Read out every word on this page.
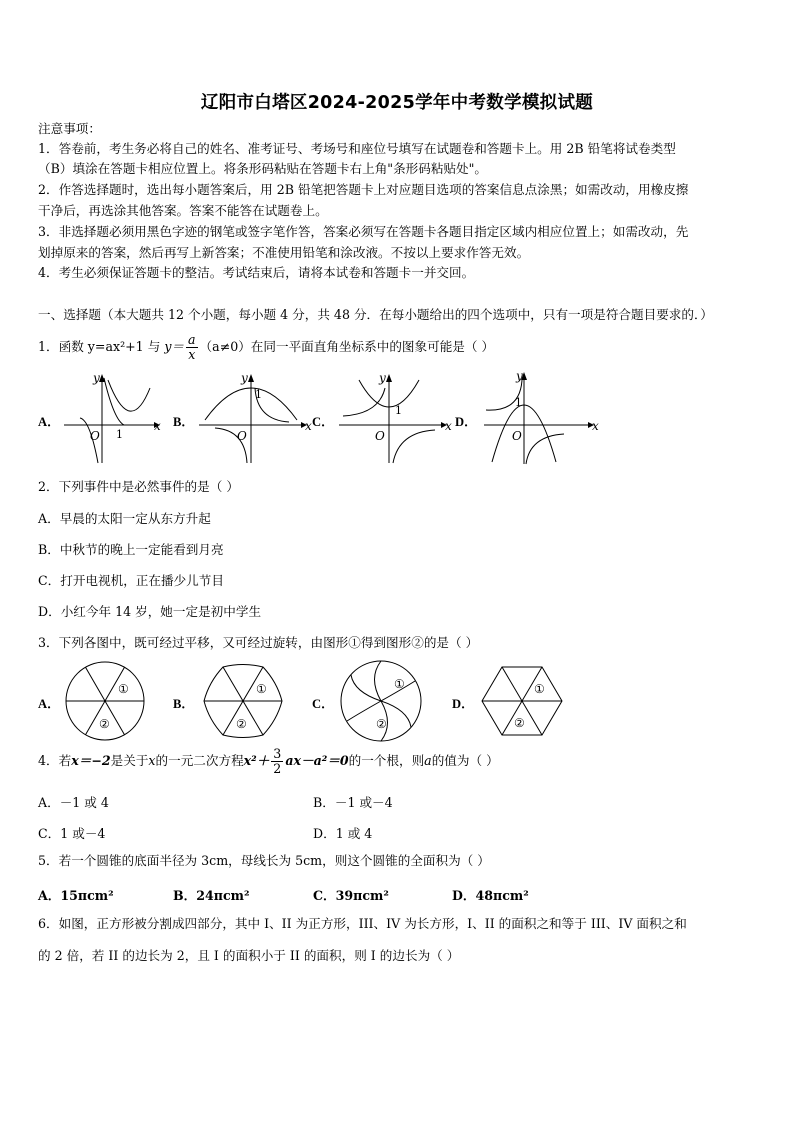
辽阳市白塔区2024-2025学年中考数学模拟试题
注意事项：
1．答卷前，考生务必将自己的姓名、准考证号、考场号和座位号填写在试题卷和答题卡上。用 2B 铅笔将试卷类型
（B）填涂在答题卡相应位置上。将条形码粘贴在答题卡右上角"条形码粘贴处"。
2．作答选择题时，选出每小题答案后，用 2B 铅笔把答题卡上对应题目选项的答案信息点涂黑；如需改动，用橡皮擦
干净后，再选涂其他答案。答案不能答在试题卷上。
3．非选择题必须用黑色字迹的钢笔或签字笔作答，答案必须写在答题卡各题目指定区域内相应位置上；如需改动，先
划掉原来的答案，然后再写上新答案；不准使用铅笔和涂改液。不按以上要求作答无效。
4．考生必须保证答题卡的整洁。考试结束后，请将本试卷和答题卡一并交回。
一、选择题（本大题共 12 个小题，每小题 4 分，共 48 分．在每小题给出的四个选项中，只有一项是符合题目要求的．）
1．函数 y=ax²+1 与 $y= \frac{a}{x} (a\ne 0)$在同一平面直角坐标系中的图象可能是（ ）
A．	B．	C．	D．
y
x
O 1
y
x
O
1
y
x
O
1
y
x
O
1
2．下列事件中是必然事件的是（ ）
A．早晨的太阳一定从东方升起
B．中秋节的晚上一定能看到月亮
C．打开电视机，正在播少儿节目
D．小红今年 14 岁，她一定是初中学生
3．下列各图中，既可经过平移，又可经过旋转，由图形①得到图形②的是（ ）
A．	B．	C．	D．
①
②
①
②
①
②
①
②
4．若x＝−2是关于x的一元二次方程$x^2+ \frac{3}{2} ax-a^2=0$的一个根，则a的值为（ ）
A．－1 或 4	B．－1 或－4
C．1 或－4	D．1 或 4
5．若一个圆锥的底面半径为 3cm，母线长为 5cm，则这个圆锥的全面积为（ ）
A．15πcm²	B．24πcm²	C．39πcm²	D．48πcm²
6．如图，正方形被分割成四部分，其中 I、II 为正方形，III、IV 为长方形，I、II 的面积之和等于 III、IV 面积之和
的 2 倍，若 II 的边长为 2，且 I 的面积小于 II 的面积，则 I 的边长为（ ）
